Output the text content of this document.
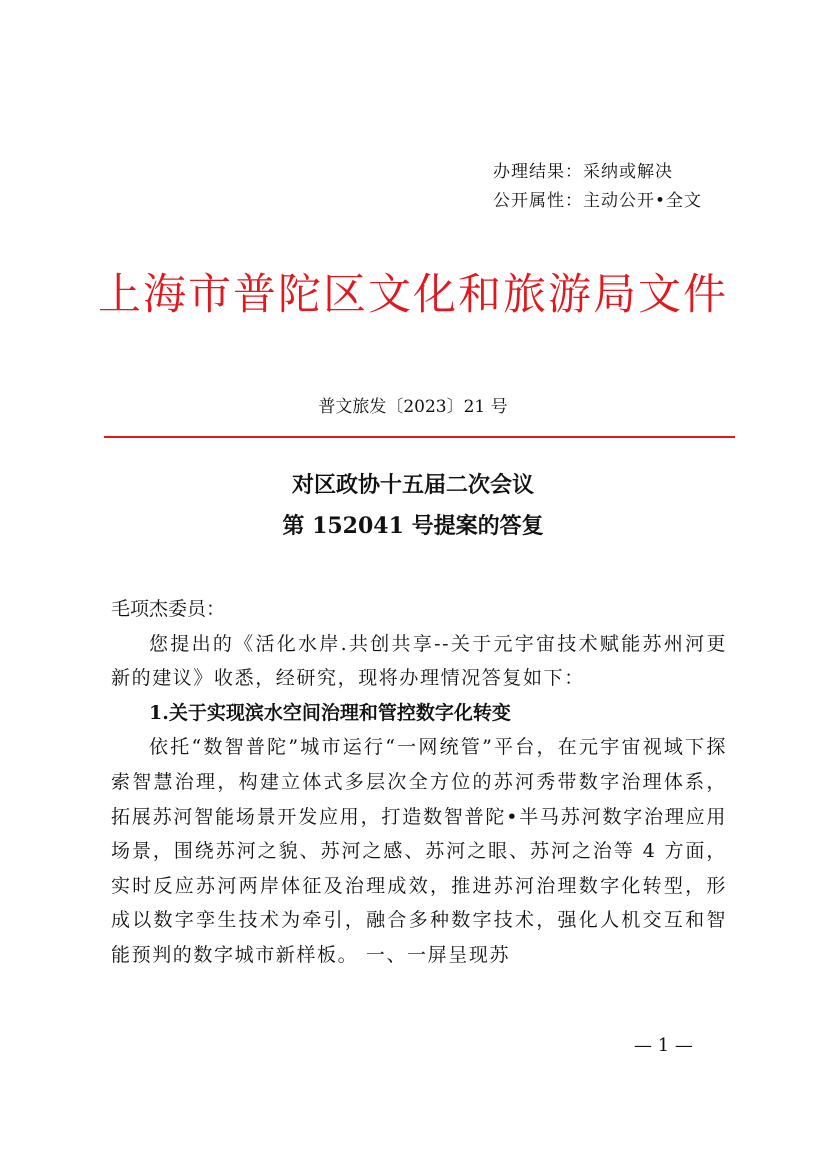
办理结果：采纳或解决
公开属性：主动公开•全文
上海市普陀区文化和旅游局文件
普文旅发〔2023〕21 号
对区政协十五届二次会议
第 152041 号提案的答复

毛项杰委员：

您提出的《活化水岸.共创共享--关于元宇宙技术赋能苏州河更新的建议》收悉，经研究，现将办理情况答复如下：

1.关于实现滨水空间治理和管控数字化转变

依托“数智普陀”城市运行“一网统管”平台，在元宇宙视域下探索智慧治理，构建立体式多层次全方位的苏河秀带数字治理体系，拓展苏河智能场景开发应用，打造数智普陀•半马苏河数字治理应用场景，围绕苏河之貌、苏河之感、苏河之眼、苏河之治等 4 方面，实时反应苏河两岸体征及治理成效，推进苏河治理数字化转型，形成以数字孪生技术为牵引，融合多种数字技术，强化人机交互和智能预判的数字城市新样板。 一、一屏呈现苏

— 1 —
